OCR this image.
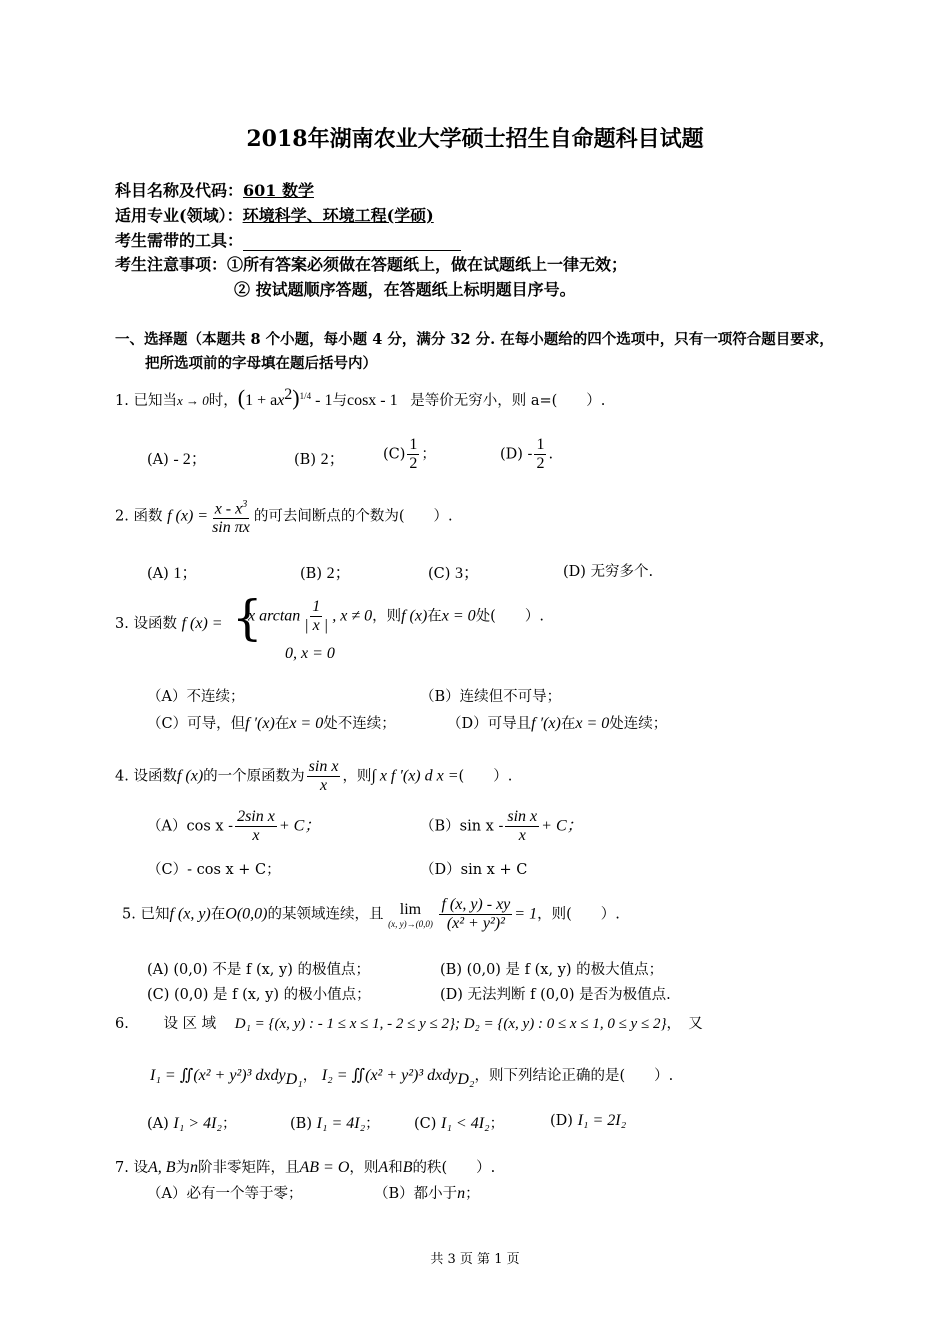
2018年湖南农业大学硕士招生自命题科目试题
科目名称及代码：601 数学
适用专业(领域）：环境科学、环境工程(学硕)
考生需带的工具：
考生注意事项：①所有答案必须做在答题纸上，做在试题纸上一律无效；
② 按试题顺序答题，在答题纸上标明题目序号。
一、选择题（本题共 8 个小题，每小题 4 分，满分 32 分. 在每小题给的四个选项中，只有一项符合题目要求，
把所选项前的字母填在题后括号内）
1. 已知当x → 0时，$(1 + ax^2)^{1/4} - 1$与cosx - 1 是等价无穷小，则 a=(　　）.
(A) - 2；	(B) 2；	$(C) \frac{1}{2}$ ；	$(D) - \frac{1}{2}$ .
2. 函数 f $(x) = \frac{x - x^3}{\text{sin πx}}$ 的可去间断点的个数为(　　）.
(A) 1；	(B) 2；	(C) 3；	(D) 无穷多个.
3. 设函数 f (x) = {
x $\arctan \frac{1}{| x |}$ , x ≠ 0，则f (x)在x = 0处(　　）.
0, x = 0
（A）不连续；	（B）连续但不可导；
（C）可导，但f ′(x)在x = 0处不连续；	（D）可导且f ′(x)在x = 0处连续；
4. 设函数f (x)的一个原函数为 $\frac{\text{sin x}}{x}$ ，则∫ x f ′(x) d x =(　　）.
（A）cos $x - \frac{\text{2sin x}}{x} + C$；	（B）sin $x - \frac{\text{sin x}}{x} + C$；
（C）- cos x + C；	（D）sin x + C
5. 已知f (x, y)在O(0,0)的某领域连续，且 lim
(x, y)→(0,0)
$\frac{f (x, y) - xy}{\text{(x² + y²)²}} = 1$，则(　　）.
(A) (0,0) 不是 f (x, y) 的极值点；	(B) (0,0) 是 f (x, y) 的极大值点；
(C) (0,0) 是 f (x, y) 的极小值点；	(D) 无法判断 f (0,0) 是否为极值点.
6. 设 区 域 D₁ = {(x, y) : - 1 ≤ x ≤ 1, - 2 ≤ y ≤ 2}; D₂ = {(x, y) : 0 ≤ x ≤ 1, 0 ≤ y ≤ 2}，　又
I₁ = ∬(x² + y²)³ dxdy$_{D_1}$， I₂ = ∬(x² + y²)³ dxdy$_{D_2}$，则下列结论正确的是(　　）.
(A) I₁ > 4I₂；	(B) I₁ = 4I₂； (C) I₁ < 4I₂；	(D) I₁ = 2I₂
7. 设A, B为n阶非零矩阵，且AB = O，则A和B的秩(　　）.
（A）必有一个等于零；	（B）都小于n；
共 3 页 第 1 页
